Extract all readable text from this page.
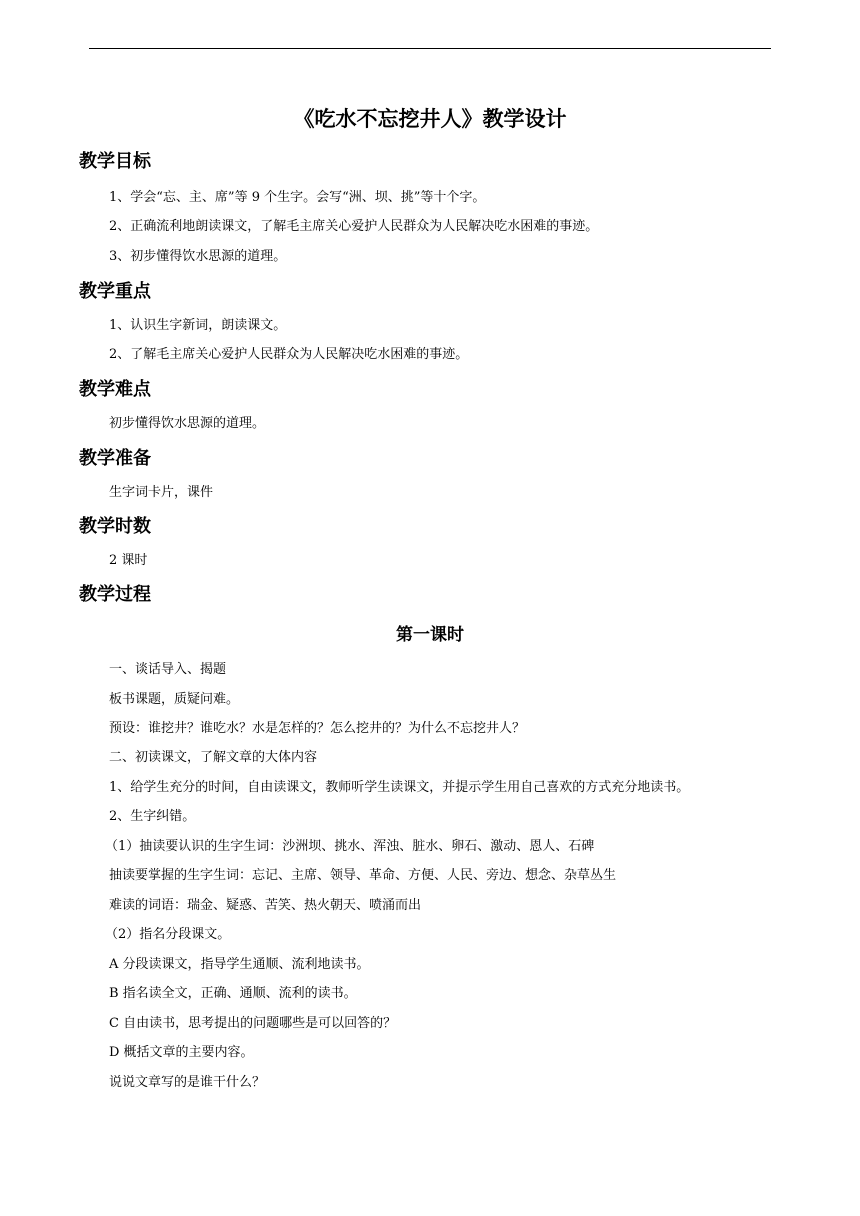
《吃水不忘挖井人》教学设计
教学目标
1、学会“忘、主、席”等 9 个生字。会写“洲、坝、挑”等十个字。
2、正确流利地朗读课文，了解毛主席关心爱护人民群众为人民解决吃水困难的事迹。
3、初步懂得饮水思源的道理。
教学重点
1、认识生字新词，朗读课文。
2、了解毛主席关心爱护人民群众为人民解决吃水困难的事迹。
教学难点
初步懂得饮水思源的道理。
教学准备
生字词卡片，课件
教学时数
2 课时
教学过程
第一课时
一、谈话导入、揭题
板书课题，质疑问难。
预设：谁挖井？谁吃水？水是怎样的？怎么挖井的？为什么不忘挖井人？
二、初读课文，了解文章的大体内容
1、给学生充分的时间，自由读课文，教师听学生读课文，并提示学生用自己喜欢的方式充分地读书。
2、生字纠错。
（1）抽读要认识的生字生词：沙洲坝、挑水、浑浊、脏水、卵石、激动、恩人、石碑
抽读要掌握的生字生词：忘记、主席、领导、革命、方便、人民、旁边、想念、杂草丛生
难读的词语：瑞金、疑惑、苦笑、热火朝天、喷涌而出
（2）指名分段课文。
A 分段读课文，指导学生通顺、流利地读书。
B 指名读全文，正确、通顺、流利的读书。
C 自由读书，思考提出的问题哪些是可以回答的？
D 概括文章的主要内容。
说说文章写的是谁干什么？
